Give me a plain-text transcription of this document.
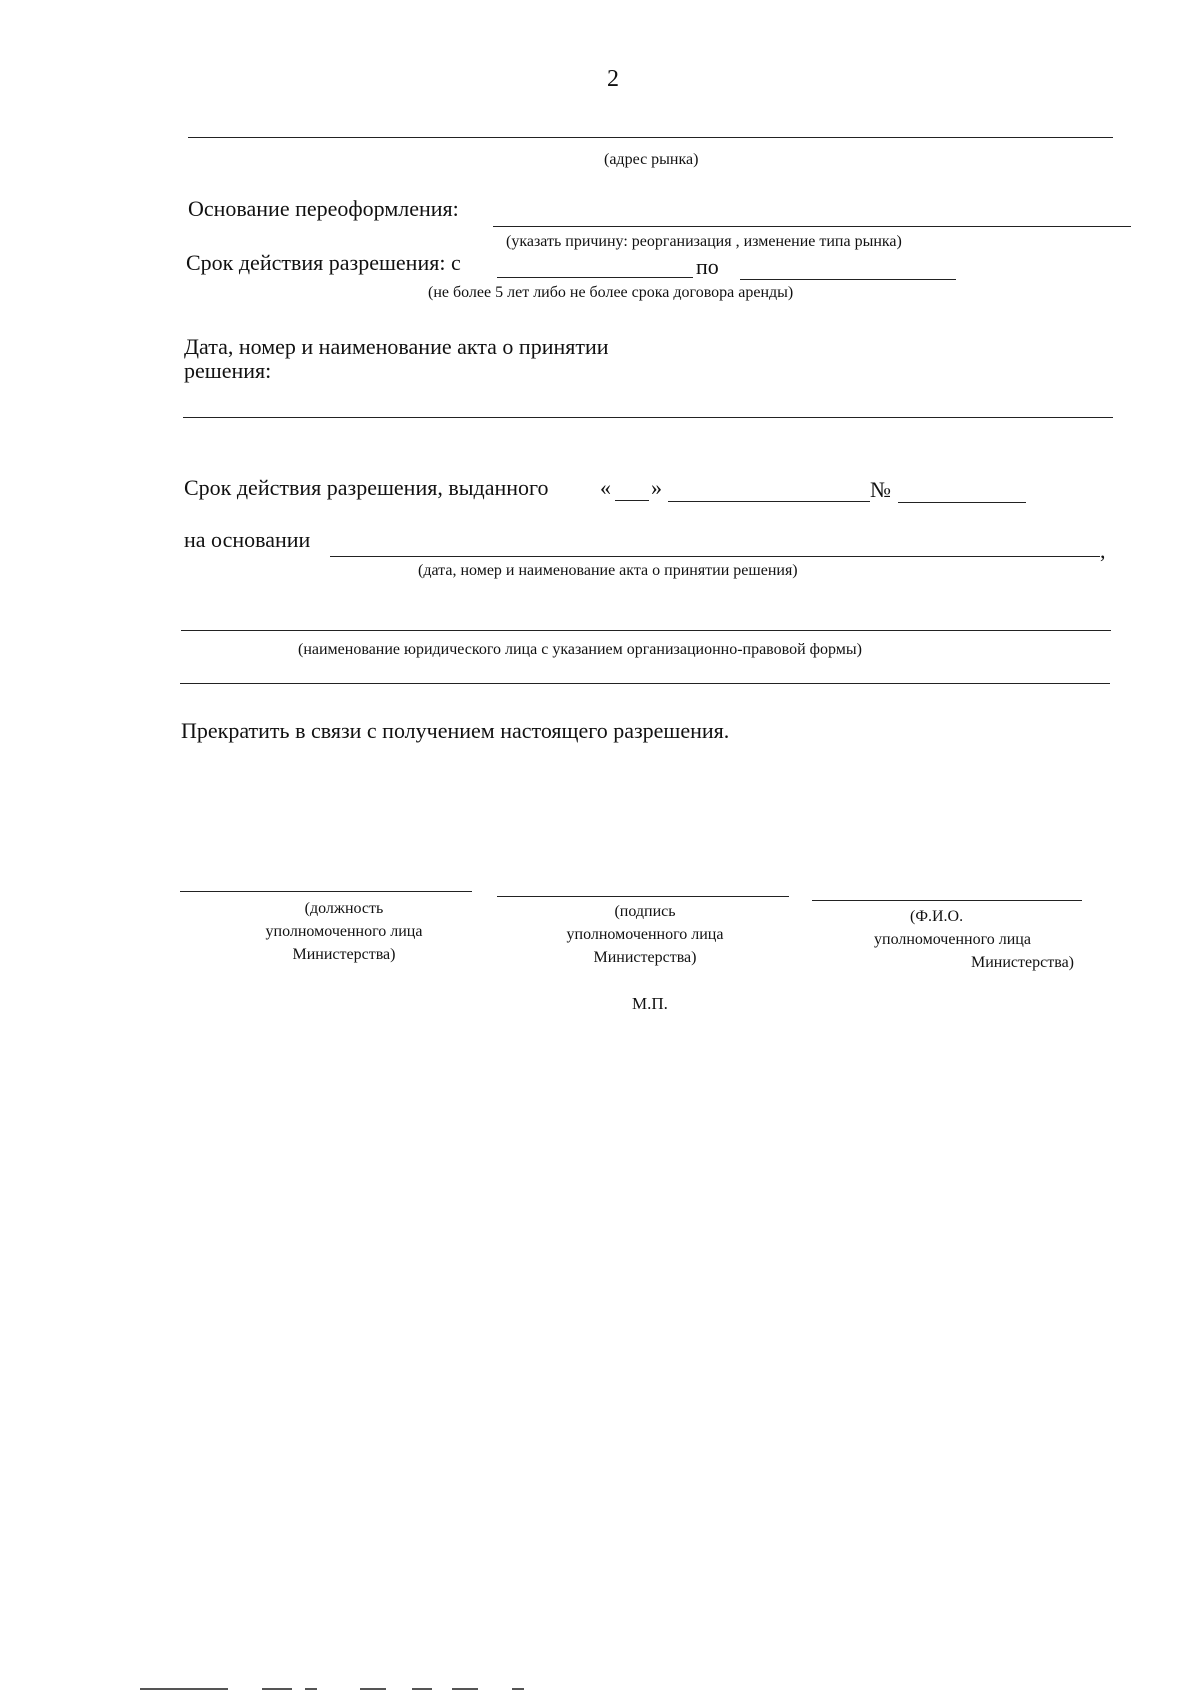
2
(адрес рынка)
Основание переоформления:
(указать причину: реорганизация , изменение типа рынка)
Срок действия разрешения: с	по
(не более 5 лет либо не более срока договора аренды)
Дата, номер и наименование акта о принятии
решения:
Срок действия разрешения, выданного « »	№
на основании	,
(дата, номер и наименование акта о принятии решения)
(наименование юридического лица с указанием организационно-правовой формы)
Прекратить в связи с получением настоящего разрешения.
(должность
уполномоченного лица
Министерства)
(подпись
уполномоченного лица
Министерства)
(Ф.И.О.
уполномоченного лица
Министерства)
М.П.
